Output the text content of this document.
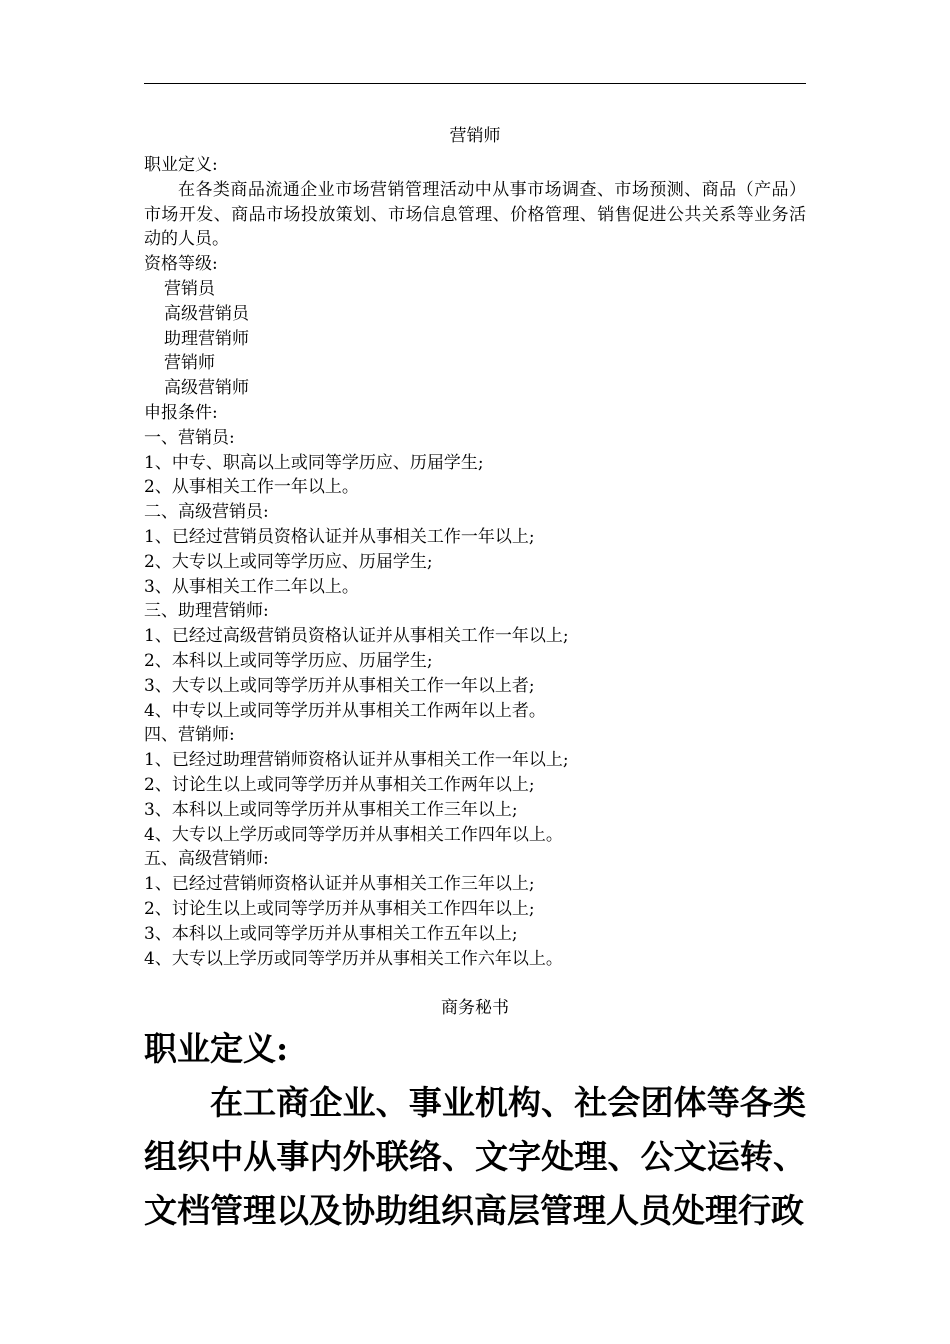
营销师

职业定义:

在各类商品流通企业市场营销管理活动中从事市场调查、市场预测、商品（产品）市场开发、商品市场投放策划、市场信息管理、价格管理、销售促进公共关系等业务活动的人员。

资格等级:

营销员

高级营销员

助理营销师

营销师

高级营销师

申报条件:

一、营销员:

1、中专、职高以上或同等学历应、历届学生;

2、从事相关工作一年以上。

二、高级营销员:

1、已经过营销员资格认证并从事相关工作一年以上;

2、大专以上或同等学历应、历届学生;

3、从事相关工作二年以上。

三、助理营销师:

1、已经过高级营销员资格认证并从事相关工作一年以上;

2、本科以上或同等学历应、历届学生;

3、大专以上或同等学历并从事相关工作一年以上者;

4、中专以上或同等学历并从事相关工作两年以上者。

四、营销师:

1、已经过助理营销师资格认证并从事相关工作一年以上;

2、讨论生以上或同等学历并从事相关工作两年以上;

3、本科以上或同等学历并从事相关工作三年以上;

4、大专以上学历或同等学历并从事相关工作四年以上。

五、高级营销师:

1、已经过营销师资格认证并从事相关工作三年以上;

2、讨论生以上或同等学历并从事相关工作四年以上;

3、本科以上或同等学历并从事相关工作五年以上;

4、大专以上学历或同等学历并从事相关工作六年以上。

商务秘书

职业定义:

在工商企业、事业机构、社会团体等各类组织中从事内外联络、文字处理、公文运转、文档管理以及协助组织高层管理人员处理行政
